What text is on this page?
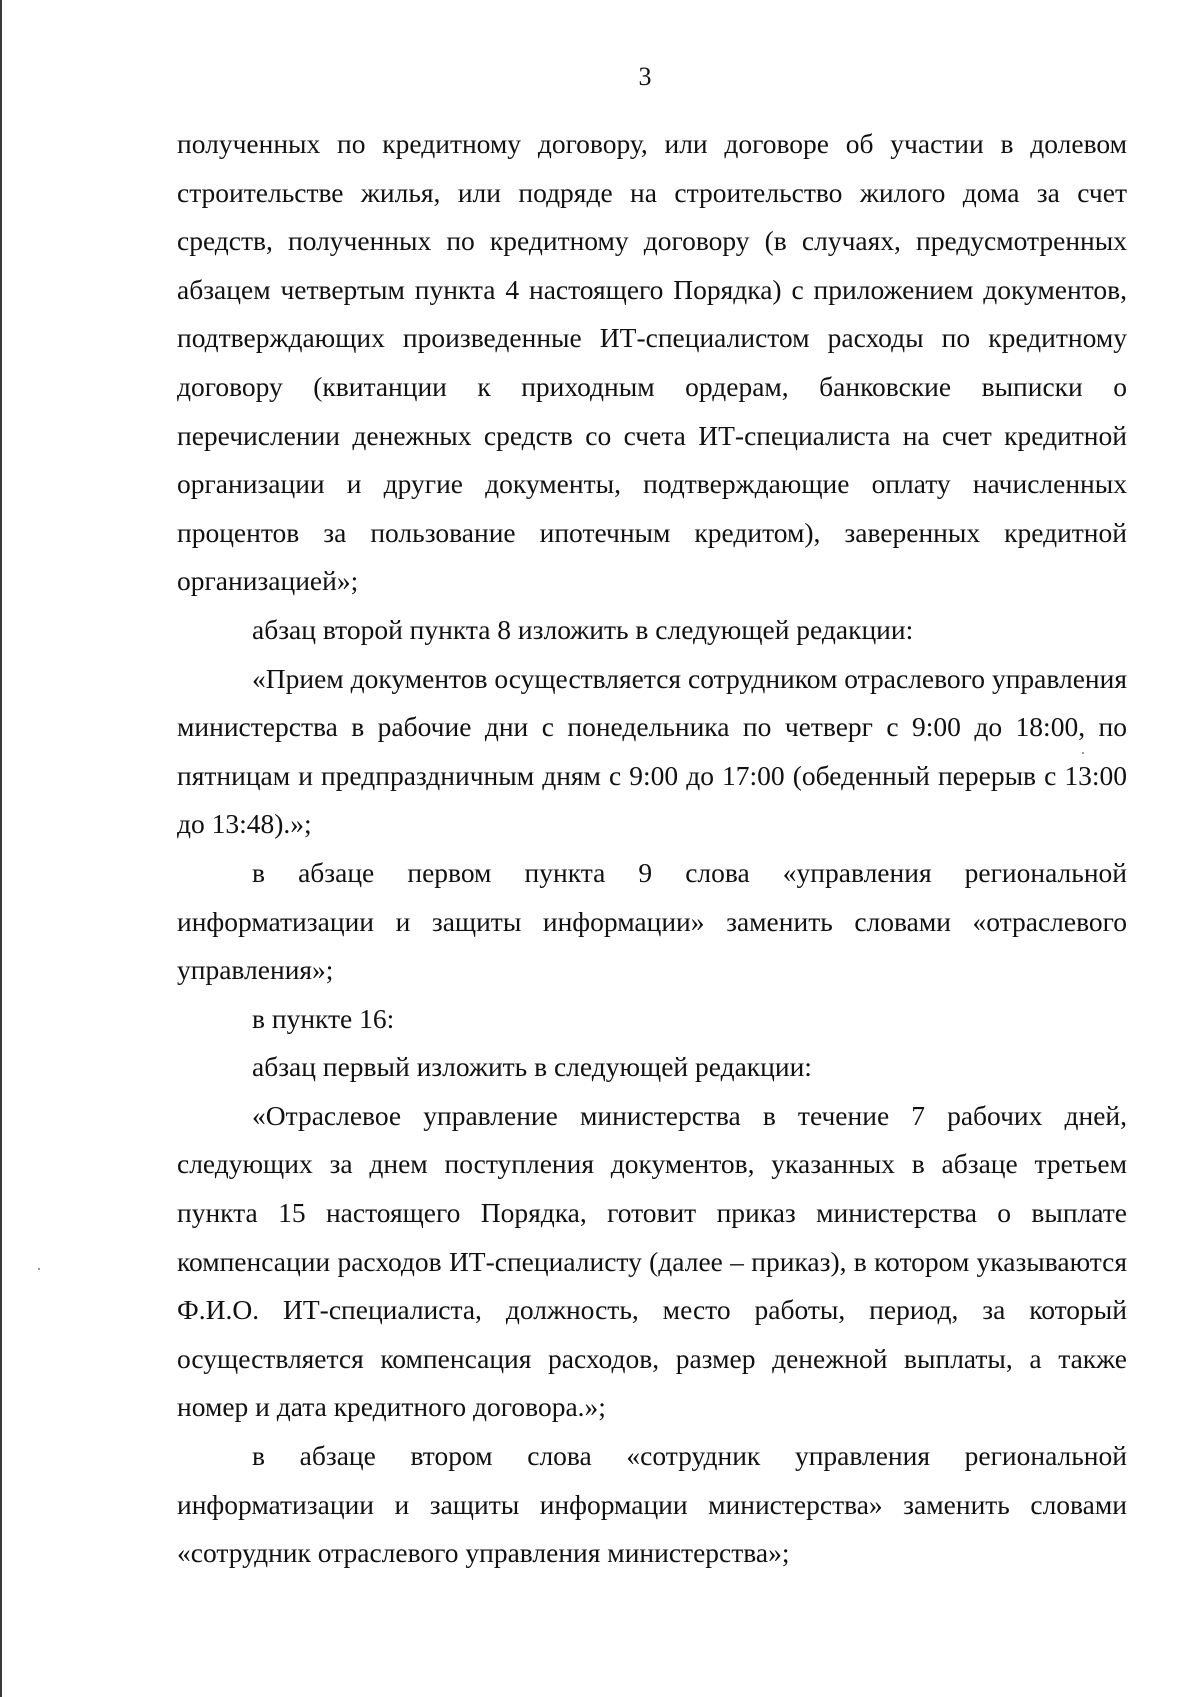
3

полученных по кредитному договору, или договоре об участии в долевом строительстве жилья, или подряде на строительство жилого дома за счет средств, полученных по кредитному договору (в случаях, предусмотренных абзацем четвертым пункта 4 настоящего Порядка) с приложением документов, подтверждающих произведенные ИТ-специалистом расходы по кредитному договору (квитанции к приходным ордерам, банковские выписки о перечислении денежных средств со счета ИТ-специалиста на счет кредитной организации и другие документы, подтверждающие оплату начисленных процентов за пользование ипотечным кредитом), заверенных кредитной организацией»;

абзац второй пункта 8 изложить в следующей редакции:

«Прием документов осуществляется сотрудником отраслевого управления министерства в рабочие дни с понедельника по четверг с 9:00 до 18:00, по пятницам и предпраздничным дням с 9:00 до 17:00 (обеденный перерыв с 13:00 до 13:48).»;

в абзаце первом пункта 9 слова «управления региональной информатизации и защиты информации» заменить словами «отраслевого управления»;

в пункте 16:

абзац первый изложить в следующей редакции:

«Отраслевое управление министерства в течение 7 рабочих дней, следующих за днем поступления документов, указанных в абзаце третьем пункта 15 настоящего Порядка, готовит приказ министерства о выплате компенсации расходов ИТ-специалисту (далее – приказ), в котором указываются Ф.И.О. ИТ-специалиста, должность, место работы, период, за который осуществляется компенсация расходов, размер денежной выплаты, а также номер и дата кредитного договора.»;

в абзаце втором слова «сотрудник управления региональной информатизации и защиты информации министерства» заменить словами «сотрудник отраслевого управления министерства»;
